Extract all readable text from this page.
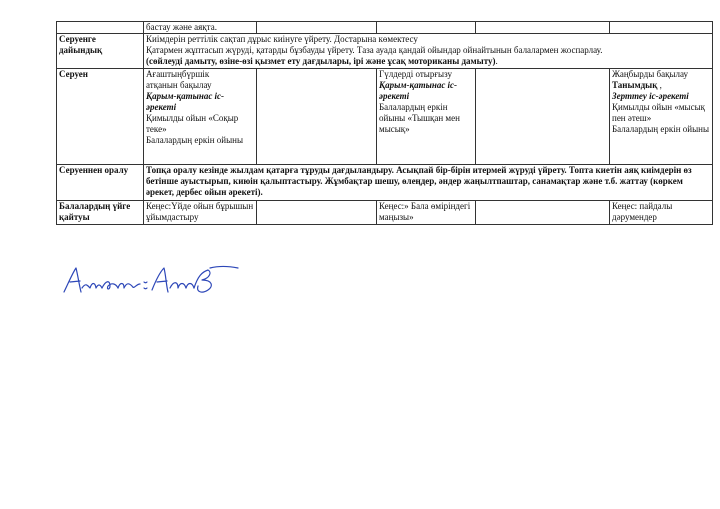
	бастау және аяқта.				
Серуенге дайындық	Киімдерін реттілік сақтап дұрыс киінуге үйрету. Достарына көмектесу
Қатармен жұптасып жүруді, қатарды бұзбауды үйрету. Таза ауада қандай ойындар ойнайтынын балалармен жоспарлау.
(сөйлеуді дамыту, өзіне-өзі қызмет ету дағдылары, ірі және ұсақ моториканы дамыту).				

Серуен	Ағаштыңбүршік
атқанын бақылау
Қарым-қатынас іс-әрекеті
Қимылды ойын «Соқыр теке»
Балалардың еркін ойыны		Гүлдерді отырғызу
Қарым-қатынас іс-әрекеті
Балалардың еркін ойыны «Тышқан мен мысық»		Жаңбырды бақылау
Танымдық ,
Зерттеу іс-әрекеті
Қимылды ойын «мысық пен әтеш»
Балалардың еркін ойыны

Серуеннен оралу	Топқа оралу кезінде жылдам қатарға тұруды дағдыландыру. Асықпай бір-бірін итермей жүруді үйрету. Топта киетін аяқ киімдерін өз бетінше ауыстырып, киюін қалыптастыру. Жұмбақтар шешу, өлеңдер, әндер жаңылтпаштар, санамақтар және т.б. жаттау (көркем әрекет, дербес ойын әрекеті).				
Балалардың үйге қайтуы	Кеңес:Үйде ойын бұрышын ұйымдастыру		Кеңес:» Бала өміріндегі маңызы»		Кеңес: пайдалы дәрумендер
